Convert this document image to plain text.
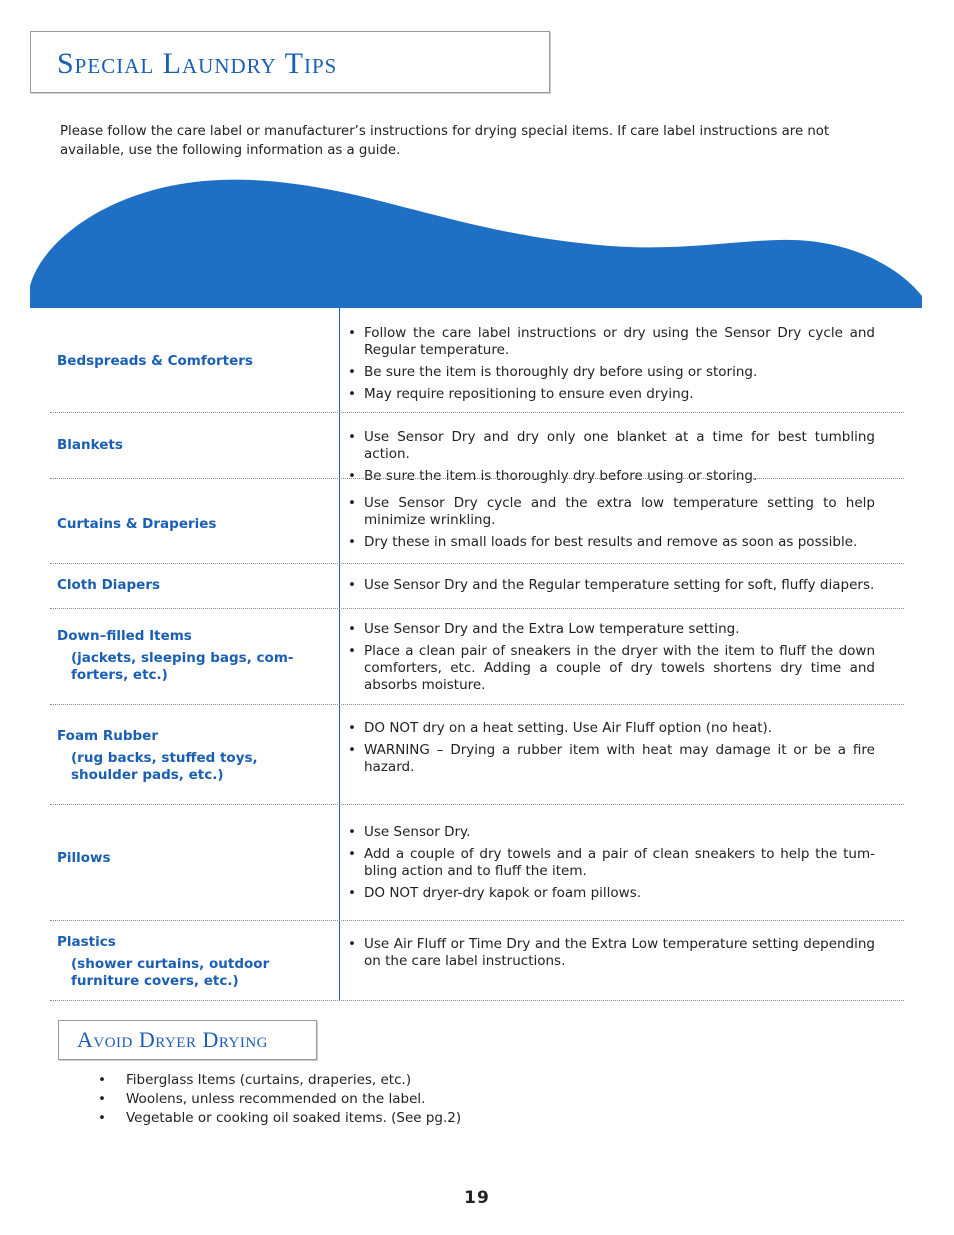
Special Laundry Tips

Please follow the care label or manufacturer’s instructions for drying special items. If care label instructions are not available, use the following information as a guide.

Bedspreads & Comforters
• Follow the care label instructions or dry using the Sensor Dry cycle and Regular temperature.
• Be sure the item is thoroughly dry before using or storing.
• May require repositioning to ensure even drying.
Blankets	• Use Sensor Dry and dry only one blanket at a time for best tumbling action.
• Be sure the item is thoroughly dry before using or storing.
Curtains & Draperies
• Use Sensor Dry cycle and the extra low temperature setting to help minimize wrinkling.
• Dry these in small loads for best results and remove as soon as possible.
Cloth Diapers	• Use Sensor Dry and the Regular temperature setting for soft, fluffy diapers.
Down–filled Items
(jackets, sleeping bags, com-forters, etc.)
• Use Sensor Dry and the Extra Low temperature setting.
• Place a clean pair of sneakers in the dryer with the item to fluff the down comforters, etc. Adding a couple of dry towels shortens dry time and absorbs moisture.
Foam Rubber
(rug backs, stuffed toys, shoulder pads, etc.)
• DO NOT dry on a heat setting. Use Air Fluff option (no heat).
• WARNING – Drying a rubber item with heat may damage it or be a fire hazard.
Pillows
• Use Sensor Dry.
• Add a couple of dry towels and a pair of clean sneakers to help the tum-bling action and to fluff the item.
• DO NOT dryer-dry kapok or foam pillows.
Plastics
(shower curtains, outdoor furniture covers, etc.)
• Use Air Fluff or Time Dry and the Extra Low temperature setting depending on the care label instructions.
Avoid Dryer Drying
• Fiberglass Items (curtains, draperies, etc.)
• Woolens, unless recommended on the label.
• Vegetable or cooking oil soaked items. (See pg.2)
19
